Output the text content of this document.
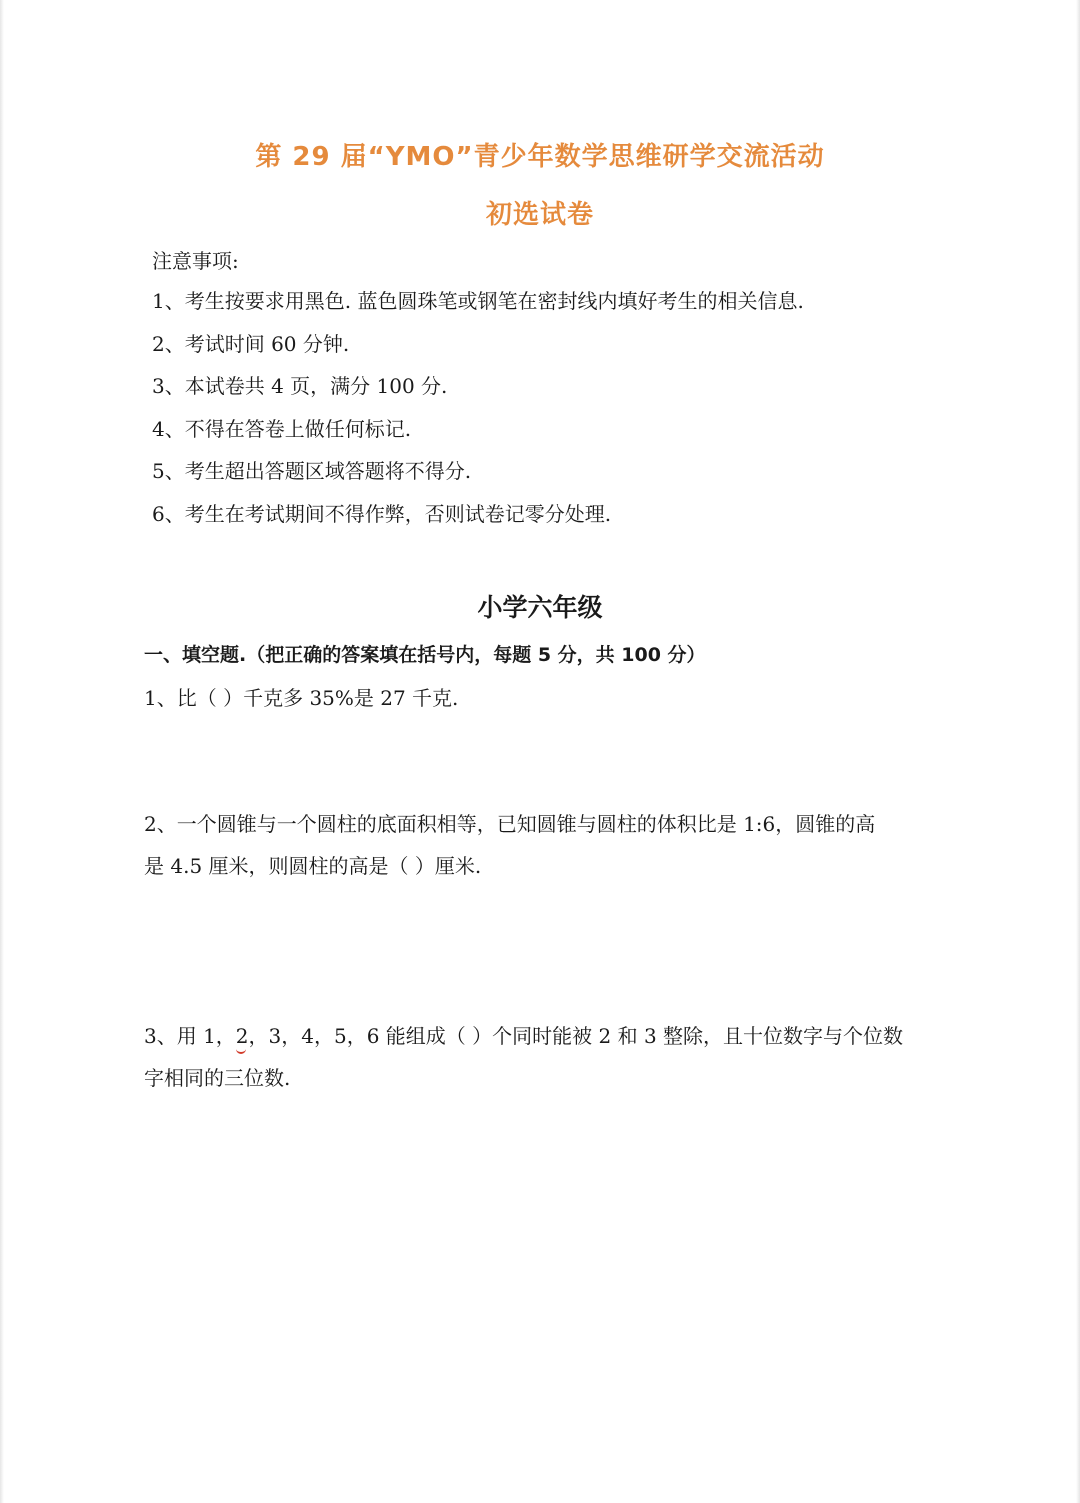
第 29 届“YMO”青少年数学思维研学交流活动
初选试卷
注意事项:
1、考生按要求用黑色. 蓝色圆珠笔或钢笔在密封线内填好考生的相关信息.
2、考试时间 60 分钟.
3、本试卷共 4 页，满分 100 分.
4、不得在答卷上做任何标记.
5、考生超出答题区域答题将不得分.
6、考生在考试期间不得作弊，否则试卷记零分处理.
小学六年级
一、填空题.（把正确的答案填在括号内，每题 5 分，共 100 分）
1、比（ ）千克多 35%是 27 千克.
2、一个圆锥与一个圆柱的底面积相等，已知圆锥与圆柱的体积比是 1:6，圆锥的高
是 4.5 厘米，则圆柱的高是（ ）厘米.
3、用 1，2，3，4，5，6 能组成（ ）个同时能被 2 和 3 整除，且十位数字与个位数
字相同的三位数.
